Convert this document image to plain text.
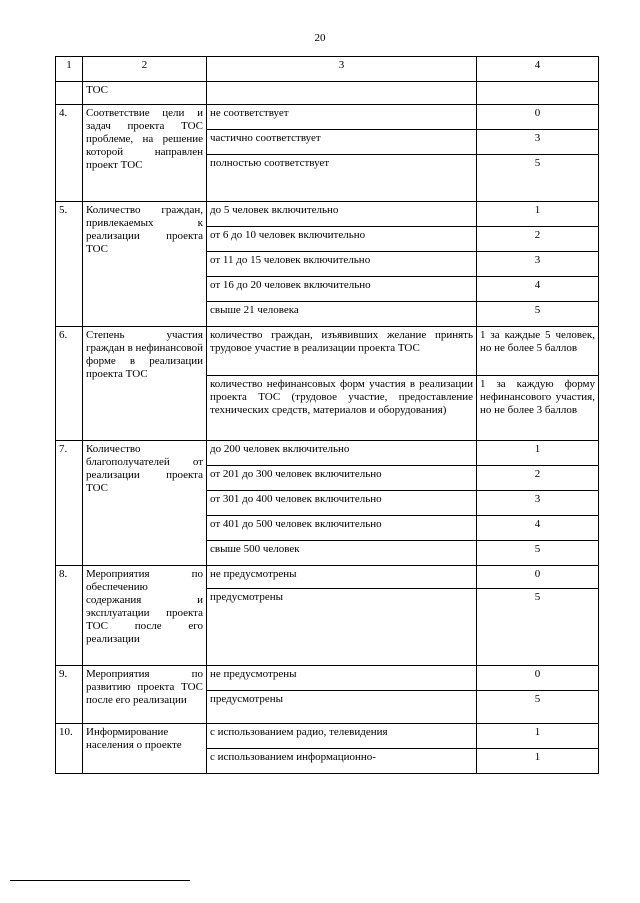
20
1	2	3	4
	ТОС		
4.	Соответствие цели и задач проекта ТОС проблеме, на решение которой направлен проект ТОС	не соответствует	0
		частично соответствует	3
		полностью соответствует	5
5.	Количество граждан, привлекаемых к реализации проекта ТОС	до 5 человек включительно	1
		от 6 до 10 человек включительно	2
		от 11 до 15 человек включительно	3
		от 16 до 20 человек включительно	4
		свыше 21 человека	5
6.	Степень участия граждан в нефинансовой форме в реализации проекта ТОС	количество граждан, изъявивших желание принять трудовое участие в реализации проекта ТОС	1 за каждые 5 человек, но не более 5 баллов
		количество нефинансовых форм участия в реализации проекта ТОС (трудовое участие, предоставление технических средств, материалов и оборудования)	1 за каждую форму нефинансового участия, но не более 3 баллов
7.	Количество благополучателей от реализации проекта ТОС	до 200 человек включительно	1
		от 201 до 300 человек включительно	2
		от 301 до 400 человек включительно	3
		от 401 до 500 человек включительно	4
		свыше 500 человек	5
8.	Мероприятия по обеспечению содержания и эксплуатации проекта ТОС после его реализации	не предусмотрены	0
		предусмотрены	5
9.	Мероприятия по развитию проекта ТОС после его реализации	не предусмотрены	0
		предусмотрены	5
10.	Информирование населения о проекте	с использованием радио, телевидения	1
		с использованием информационно-	1
